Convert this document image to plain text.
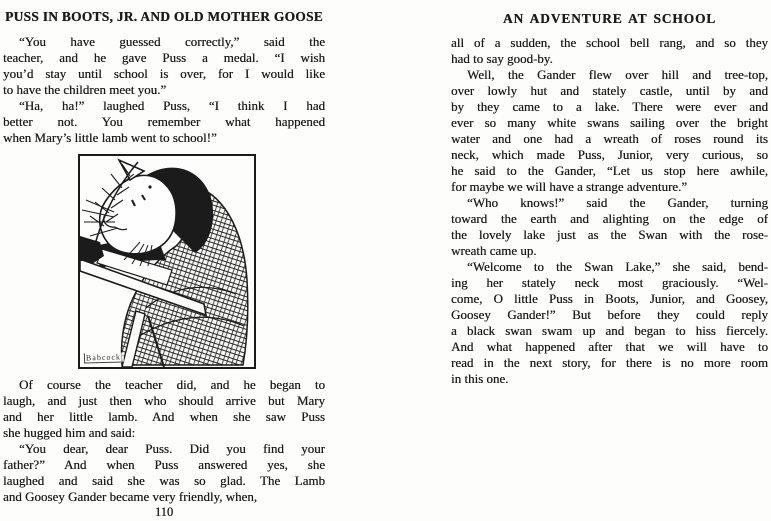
PUSS IN BOOTS, JR. AND OLD MOTHER GOOSE
“You have guessed correctly,” said the
teacher, and he gave Puss a medal. “I wish
you’d stay until school is over, for I would like
to have the children meet you.”
“Ha, ha!” laughed Puss, “I think I had
better not. You remember what happened
when Mary’s little lamb went to school!”
Babcock
Of course the teacher did, and he began to
laugh, and just then who should arrive but Mary
and her little lamb. And when she saw Puss
she hugged him and said:
“You dear, dear Puss. Did you find your
father?” And when Puss answered yes, she
laughed and said she was so glad. The Lamb
and Goosey Gander became very friendly, when,
110
AN ADVENTURE AT SCHOOL
all of a sudden, the school bell rang, and so they
had to say good-by.
Well, the Gander flew over hill and tree-top,
over lowly hut and stately castle, until by and
by they came to a lake. There were ever and
ever so many white swans sailing over the bright
water and one had a wreath of roses round its
neck, which made Puss, Junior, very curious, so
he said to the Gander, “Let us stop here awhile,
for maybe we will have a strange adventure.”
“Who knows!” said the Gander, turning
toward the earth and alighting on the edge of
the lovely lake just as the Swan with the rose-
wreath came up.
“Welcome to the Swan Lake,” she said, bend-
ing her stately neck most graciously. “Wel-
come, O little Puss in Boots, Junior, and Goosey,
Goosey Gander!” But before they could reply
a black swan swam up and began to hiss fiercely.
And what happened after that we will have to
read in the next story, for there is no more room
in this one.
